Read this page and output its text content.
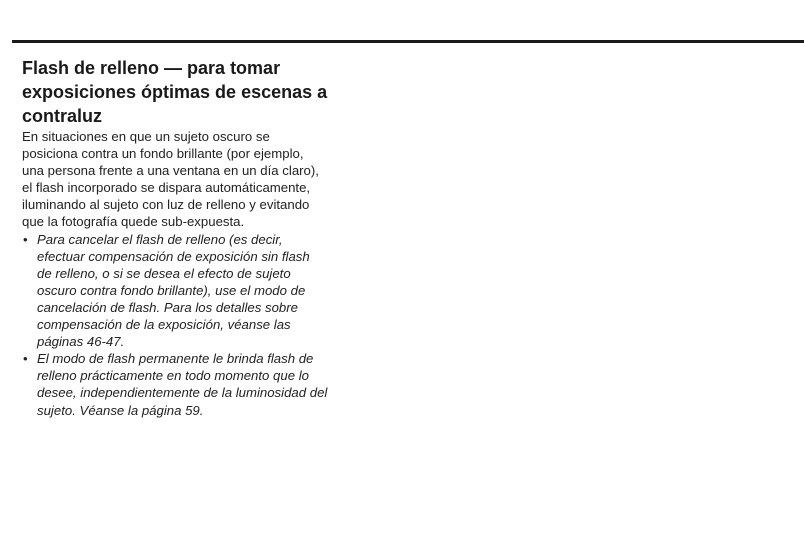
Flash de relleno — para tomar
exposiciones óptimas de escenas a
contraluz
En situaciones en que un sujeto oscuro se
posiciona contra un fondo brillante (por ejemplo,
una persona frente a una ventana en un día claro),
el flash incorporado se dispara automáticamente,
iluminando al sujeto con luz de relleno y evitando
que la fotografía quede sub-expuesta.
• Para cancelar el flash de relleno (es decir,
efectuar compensación de exposición sin flash
de relleno, o si se desea el efecto de sujeto
oscuro contra fondo brillante), use el modo de
cancelación de flash. Para los detalles sobre
compensación de la exposición, véanse las
páginas 46-47.
• El modo de flash permanente le brinda flash de
relleno prácticamente en todo momento que lo
desee, independientemente de la luminosidad del
sujeto. Véanse la página 59.
